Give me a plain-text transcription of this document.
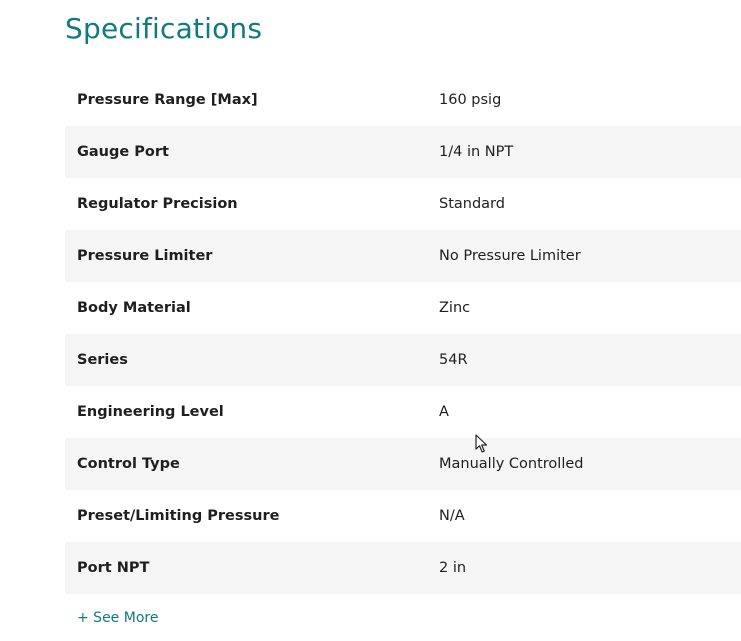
Specifications
Pressure Range [Max]	160 psig
Gauge Port	1/4 in NPT
Regulator Precision	Standard
Pressure Limiter	No Pressure Limiter
Body Material	Zinc
Series	54R
Engineering Level	A
Control Type	Manually Controlled
Preset/Limiting Pressure	N/A
Port NPT	2 in
+ See More
